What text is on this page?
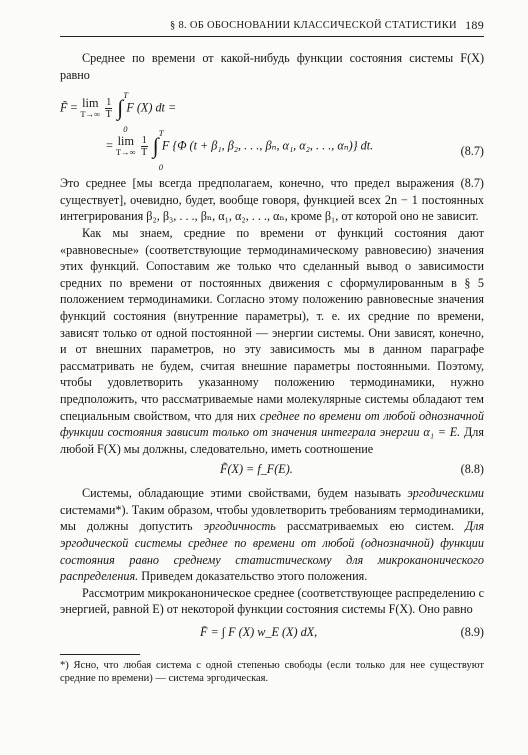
§ 8. ОБ ОБОСНОВАНИИ КЛАССИЧЕСКОЙ СТАТИСТИКИ 189

Среднее по времени от какой-нибудь функции состояния системы F(X) равно

F̃ = lim
T→∞
$\frac{1}{T}$ ∫ T
0
F (X) dt =
= lim
T→∞
$\frac{1}{T}$ ∫ T
0
F {Φ (t + β₁, β₂, . . ., βₙ, α₁, α₂, . . ., αₙ)} dt.	(8.7)

Это среднее [мы всегда предполагаем, конечно, что предел выражения (8.7) существует], очевидно, будет, вообще говоря, функцией всех 2n − 1 постоянных интегрирования β₂, β₃, . . ., βₙ, α₁, α₂, . . ., αₙ, кроме β₁, от которой оно не зависит.

Как мы знаем, средние по времени от функций состояния дают «равновесные» (соответствующие термодинамическому равновесию) значения этих функций. Сопоставим же только что сделанный вывод о зависимости средних по времени от постоянных движения с сформулированным в § 5 положением термодинамики. Согласно этому положению равновесные значения функций состояния (внутренние параметры), т. е. их средние по времени, зависят только от одной постоянной — энергии системы. Они зависят, конечно, и от внешних параметров, но эту зависимость мы в данном параграфе рассматривать не будем, считая внешние параметры постоянными. Поэтому, чтобы удовлетворить указанному положению термодинамики, нужно предположить, что рассматриваемые нами молекулярные системы обладают тем специальным свойством, что для них среднее по времени от любой однозначной функции состояния зависит только от значения интеграла энергии α₁ = E. Для любой F(X) мы должны, следовательно, иметь соотношение

F̃(X) = f_F(E).	(8.8)

Системы, обладающие этими свойствами, будем называть эргодическими системами*). Таким образом, чтобы удовлетворить требованиям термодинамики, мы должны допустить эргодичность рассматриваемых ею систем. Для эргодической системы среднее по времени от любой (однозначной) функции состояния равно среднему статистическому для микроканонического распределения. Приведем доказательство этого положения.

Рассмотрим микроканоническое среднее (соответствующее распределению с энергией, равной E) от некоторой функции состояния системы F(X). Оно равно

F̄ = ∫ F (X) w_E (X) dX,	(8.9)

*) Ясно, что любая система с одной степенью свободы (если только для нее существуют средние по времени) — система эргодическая.
